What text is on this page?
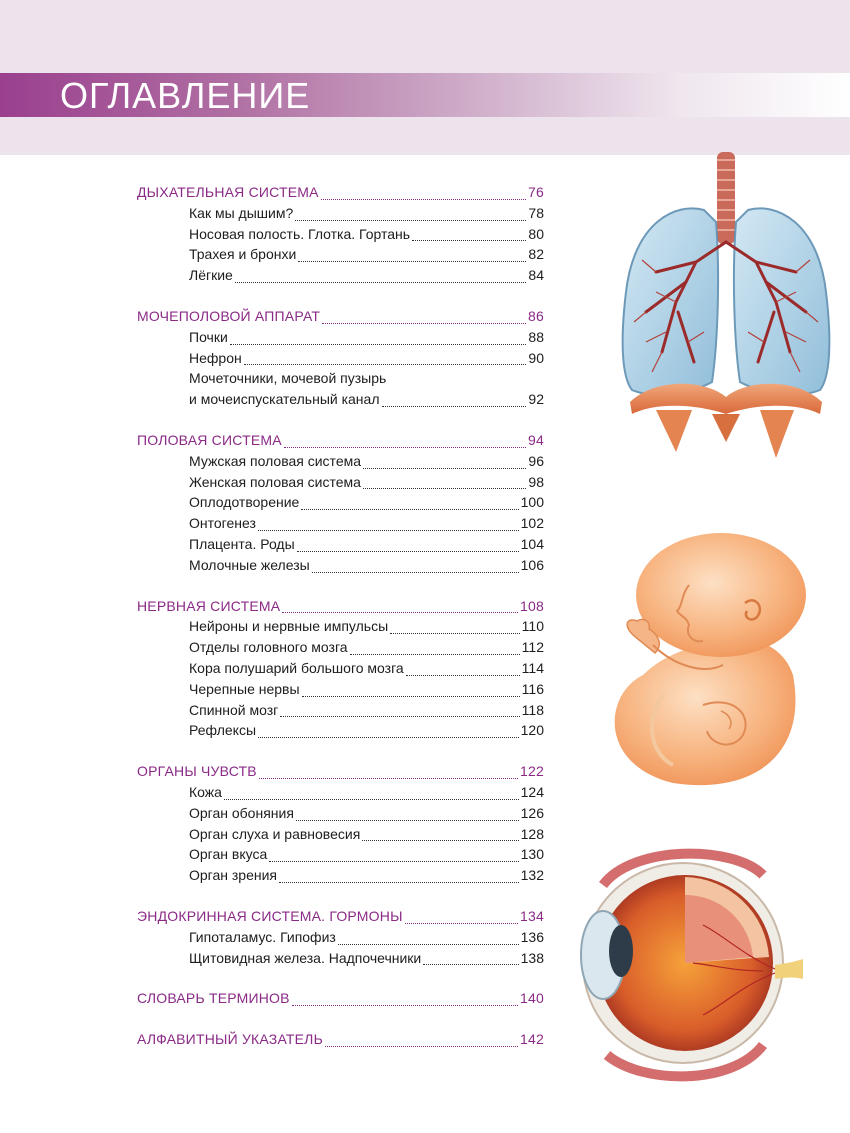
ОГЛАВЛЕНИЕ
ДЫХАТЕЛЬНАЯ СИСТЕМА	76
Как мы дышим?	78
Носовая полость. Глотка. Гортань	80
Трахея и бронхи	82
Лёгкие	84
МОЧЕПОЛОВОЙ АППАРАТ	86
Почки	88
Нефрон	90
Мочеточники, мочевой пузырь
и мочеиспускательный канал	92
ПОЛОВАЯ СИСТЕМА	94
Мужская половая система	96
Женская половая система	98
Оплодотворение	100
Онтогенез	102
Плацента. Роды	104
Молочные железы	106
НЕРВНАЯ СИСТЕМА	108
Нейроны и нервные импульсы	110
Отделы головного мозга	112
Кора полушарий большого мозга	114
Черепные нервы	116
Спинной мозг	118
Рефлексы	120
ОРГАНЫ ЧУВСТВ	122
Кожа	124
Орган обоняния	126
Орган слуха и равновесия	128
Орган вкуса	130
Орган зрения	132
ЭНДОКРИННАЯ СИСТЕМА. ГОРМОНЫ	134
Гипоталамус. Гипофиз	136
Щитовидная железа. Надпочечники	138
СЛОВАРЬ ТЕРМИНОВ	140
АЛФАВИТНЫЙ УКАЗАТЕЛЬ	142
